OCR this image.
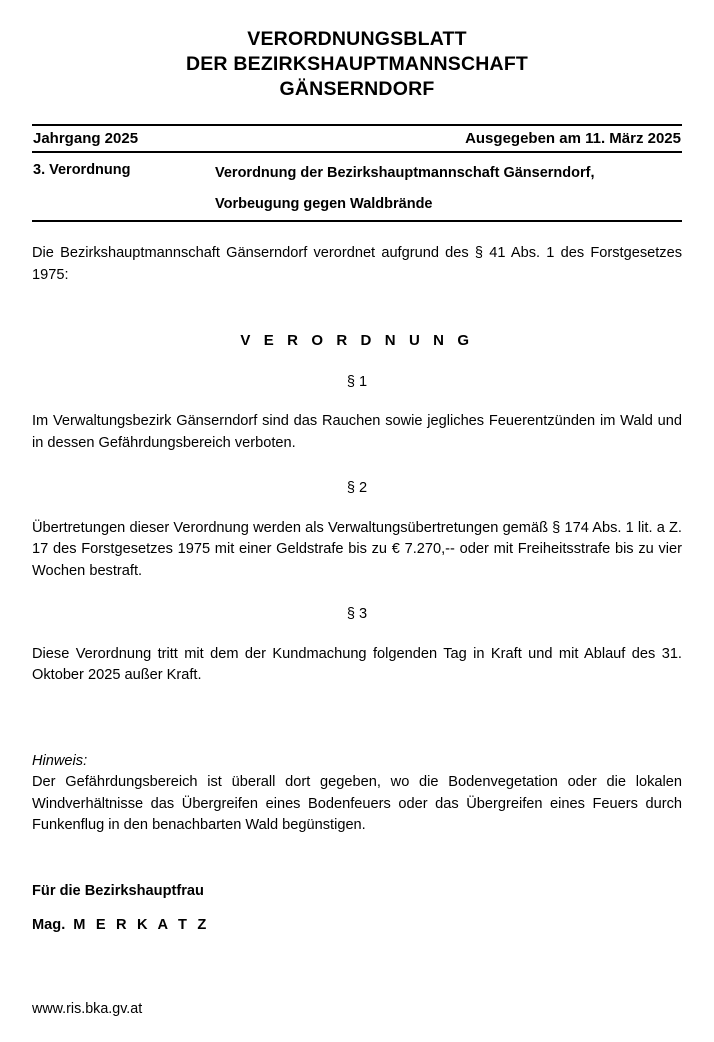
VERORDNUNGSBLATT
DER BEZIRKSHAUPTMANNSCHAFT
GÄNSERNDORF
Jahrgang 2025	Ausgegeben am 11. März 2025
3. Verordnung	Verordnung der Bezirkshauptmannschaft Gänserndorf,
Vorbeugung gegen Waldbrände

Die Bezirkshauptmannschaft Gänserndorf verordnet aufgrund des § 41 Abs. 1 des Forstgesetzes 1975:

V E R O R D N U N G

§ 1

Im Verwaltungsbezirk Gänserndorf sind das Rauchen sowie jegliches Feuerentzünden im Wald und in dessen Gefährdungsbereich verboten.

§ 2

Übertretungen dieser Verordnung werden als Verwaltungsübertretungen gemäß § 174 Abs. 1 lit. a Z. 17 des Forstgesetzes 1975 mit einer Geldstrafe bis zu € 7.270,-- oder mit Freiheitsstrafe bis zu vier Wochen bestraft.

§ 3

Diese Verordnung tritt mit dem der Kundmachung folgenden Tag in Kraft und mit Ablauf des 31. Oktober 2025 außer Kraft.

Hinweis:

Der Gefährdungsbereich ist überall dort gegeben, wo die Bodenvegetation oder die lokalen Windverhältnisse das Übergreifen eines Bodenfeuers oder das Übergreifen eines Feuers durch Funkenflug in den benachbarten Wald begünstigen.

Für die Bezirkshauptfrau

Mag. M E R K A T Z

www.ris.bka.gv.at
